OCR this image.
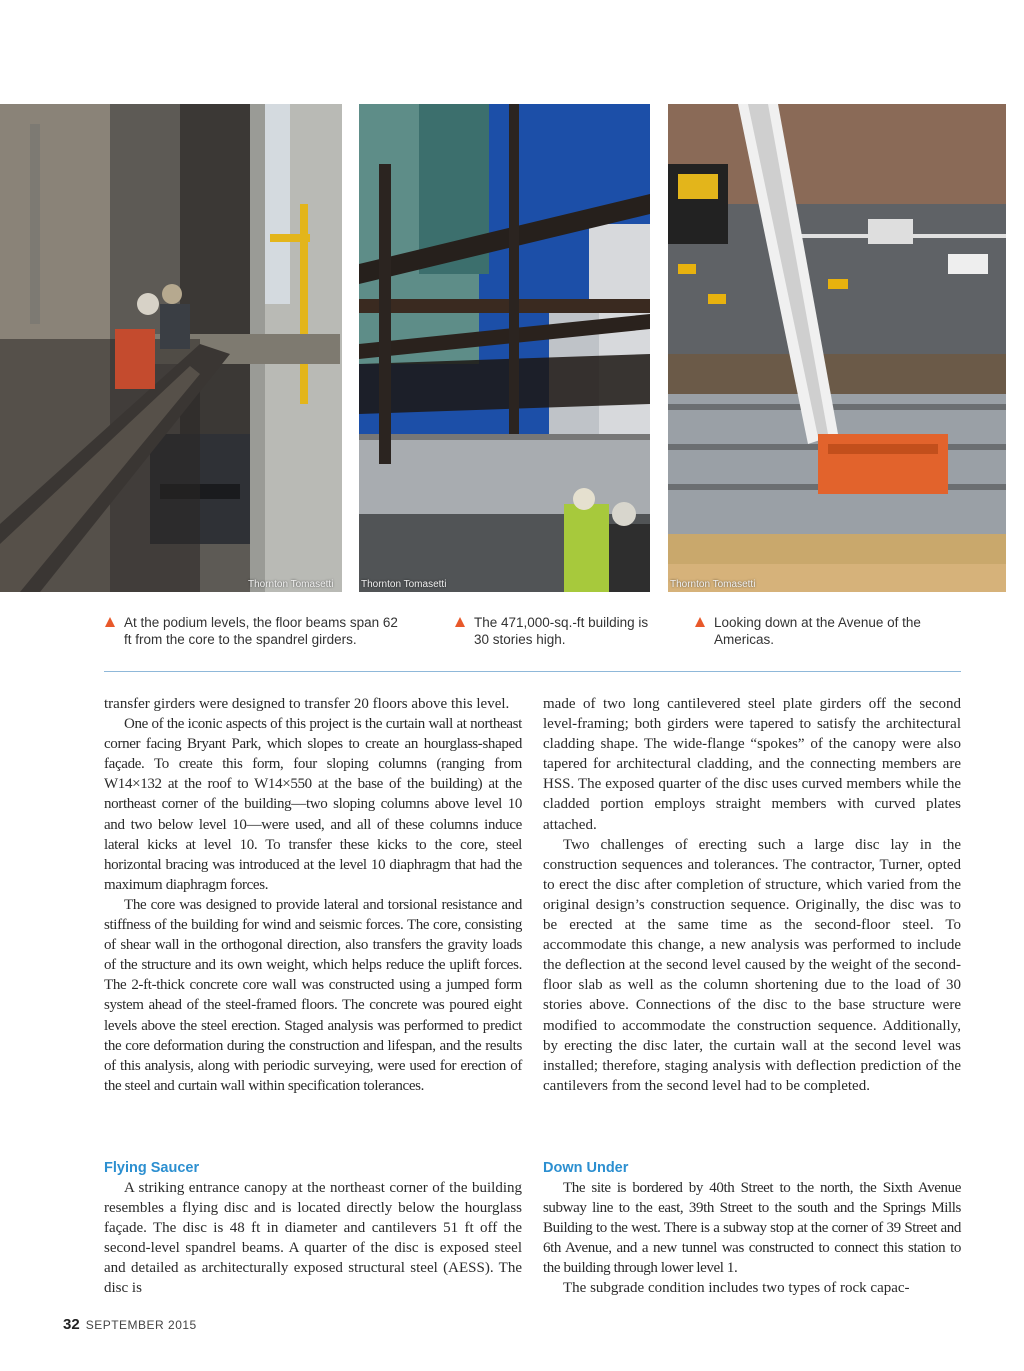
Thornton Tomasetti	Thornton Tomasetti	Thornton Tomasetti
At the podium levels, the floor beams span 62 ft from the core to the spandrel girders.
The 471,000-sq.-ft building is 30 stories high.
Looking down at the Avenue of the Americas.

transfer girders were designed to transfer 20 floors above this level.

One of the iconic aspects of this project is the curtain wall at northeast corner facing Bryant Park, which slopes to create an hourglass-shaped façade. To create this form, four sloping columns (ranging from W14×132 at the roof to W14×550 at the base of the building) at the northeast corner of the building—two sloping columns above level 10 and two below level 10—were used, and all of these columns induce lateral kicks at level 10. To transfer these kicks to the core, steel horizontal bracing was introduced at the level 10 diaphragm that had the maximum diaphragm forces.

The core was designed to provide lateral and torsional resistance and stiffness of the building for wind and seismic forces. The core, consisting of shear wall in the orthogonal direction, also transfers the gravity loads of the structure and its own weight, which helps reduce the uplift forces. The 2-ft-thick concrete core wall was constructed using a jumped form system ahead of the steel-framed floors. The concrete was poured eight levels above the steel erection. Staged analysis was performed to predict the core deformation during the construction and lifespan, and the results of this analysis, along with periodic surveying, were used for erection of the steel and curtain wall within specification tolerances.

made of two long cantilevered steel plate girders off the second level-framing; both girders were tapered to satisfy the architectural cladding shape. The wide-flange “spokes” of the canopy were also tapered for architectural cladding, and the connecting members are HSS. The exposed quarter of the disc uses curved members while the cladded portion employs straight members with curved plates attached.

Two challenges of erecting such a large disc lay in the construction sequences and tolerances. The contractor, Turner, opted to erect the disc after completion of structure, which varied from the original design’s construction sequence. Originally, the disc was to be erected at the same time as the second-floor steel. To accommodate this change, a new analysis was performed to include the deflection at the second level caused by the weight of the second-floor slab as well as the column shortening due to the load of 30 stories above. Connections of the disc to the base structure were modified to accommodate the construction sequence. Additionally, by erecting the disc later, the curtain wall at the second level was installed; therefore, staging analysis with deflection prediction of the cantilevers from the second level had to be completed.

Flying Saucer

A striking entrance canopy at the northeast corner of the building resembles a flying disc and is located directly below the hourglass façade. The disc is 48 ft in diameter and cantilevers 51 ft off the second-level spandrel beams. A quarter of the disc is exposed steel and detailed as architecturally exposed structural steel (AESS). The disc is

Down Under

The site is bordered by 40th Street to the north, the Sixth Avenue subway line to the east, 39th Street to the south and the Springs Mills Building to the west. There is a subway stop at the corner of 39 Street and 6th Avenue, and a new tunnel was constructed to connect this station to the building through lower level 1.

The subgrade condition includes two types of rock capac-

32 SEPTEMBER 2015
